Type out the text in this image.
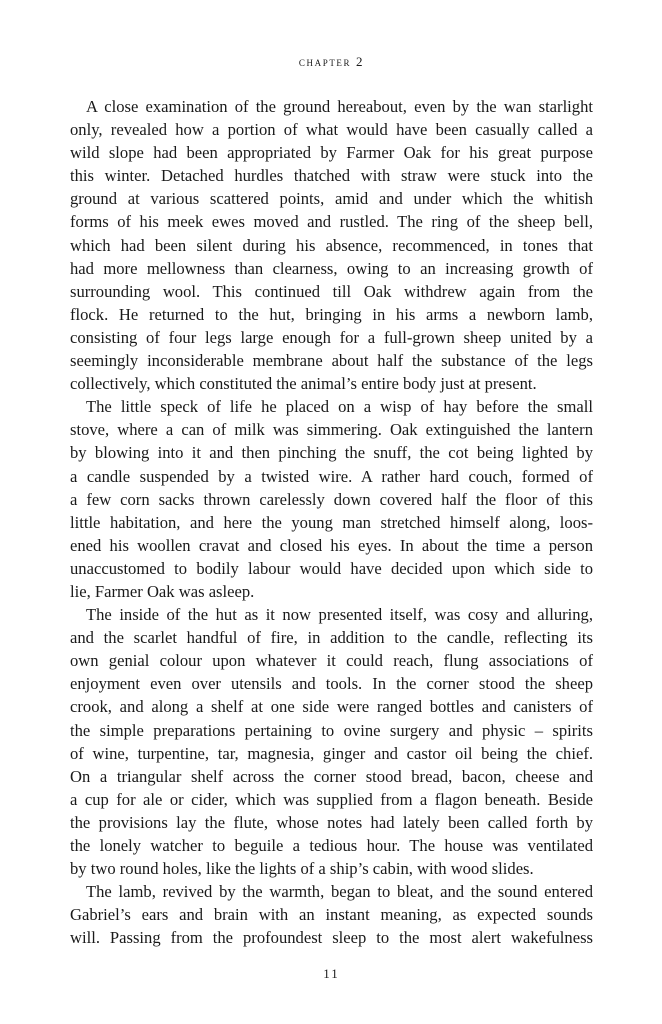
chapter 2
A close examination of the ground hereabout, even by the wan starlight
only, revealed how a portion of what would have been casually called a
wild slope had been appropriated by Farmer Oak for his great purpose
this winter. Detached hurdles thatched with straw were stuck into the
ground at various scattered points, amid and under which the whitish
forms of his meek ewes moved and rustled. The ring of the sheep bell,
which had been silent during his absence, recommenced, in tones that
had more mellowness than clearness, owing to an increasing growth of
surrounding wool. This continued till Oak withdrew again from the
flock. He returned to the hut, bringing in his arms a newborn lamb,
consisting of four legs large enough for a full-grown sheep united by a
seemingly inconsiderable membrane about half the substance of the legs
collectively, which constituted the animal’s entire body just at present.
The little speck of life he placed on a wisp of hay before the small
stove, where a can of milk was simmering. Oak extinguished the lantern
by blowing into it and then pinching the snuff, the cot being lighted by
a candle suspended by a twisted wire. A rather hard couch, formed of
a few corn sacks thrown carelessly down covered half the floor of this
little habitation, and here the young man stretched himself along, loos-
ened his woollen cravat and closed his eyes. In about the time a person
unaccustomed to bodily labour would have decided upon which side to
lie, Farmer Oak was asleep.
The inside of the hut as it now presented itself, was cosy and alluring,
and the scarlet handful of fire, in addition to the candle, reflecting its
own genial colour upon whatever it could reach, flung associations of
enjoyment even over utensils and tools. In the corner stood the sheep
crook, and along a shelf at one side were ranged bottles and canisters of
the simple preparations pertaining to ovine surgery and physic – spirits
of wine, turpentine, tar, magnesia, ginger and castor oil being the chief.
On a triangular shelf across the corner stood bread, bacon, cheese and
a cup for ale or cider, which was supplied from a flagon beneath. Beside
the provisions lay the flute, whose notes had lately been called forth by
the lonely watcher to beguile a tedious hour. The house was ventilated
by two round holes, like the lights of a ship’s cabin, with wood slides.
The lamb, revived by the warmth, began to bleat, and the sound entered
Gabriel’s ears and brain with an instant meaning, as expected sounds
will. Passing from the profoundest sleep to the most alert wakefulness
11
